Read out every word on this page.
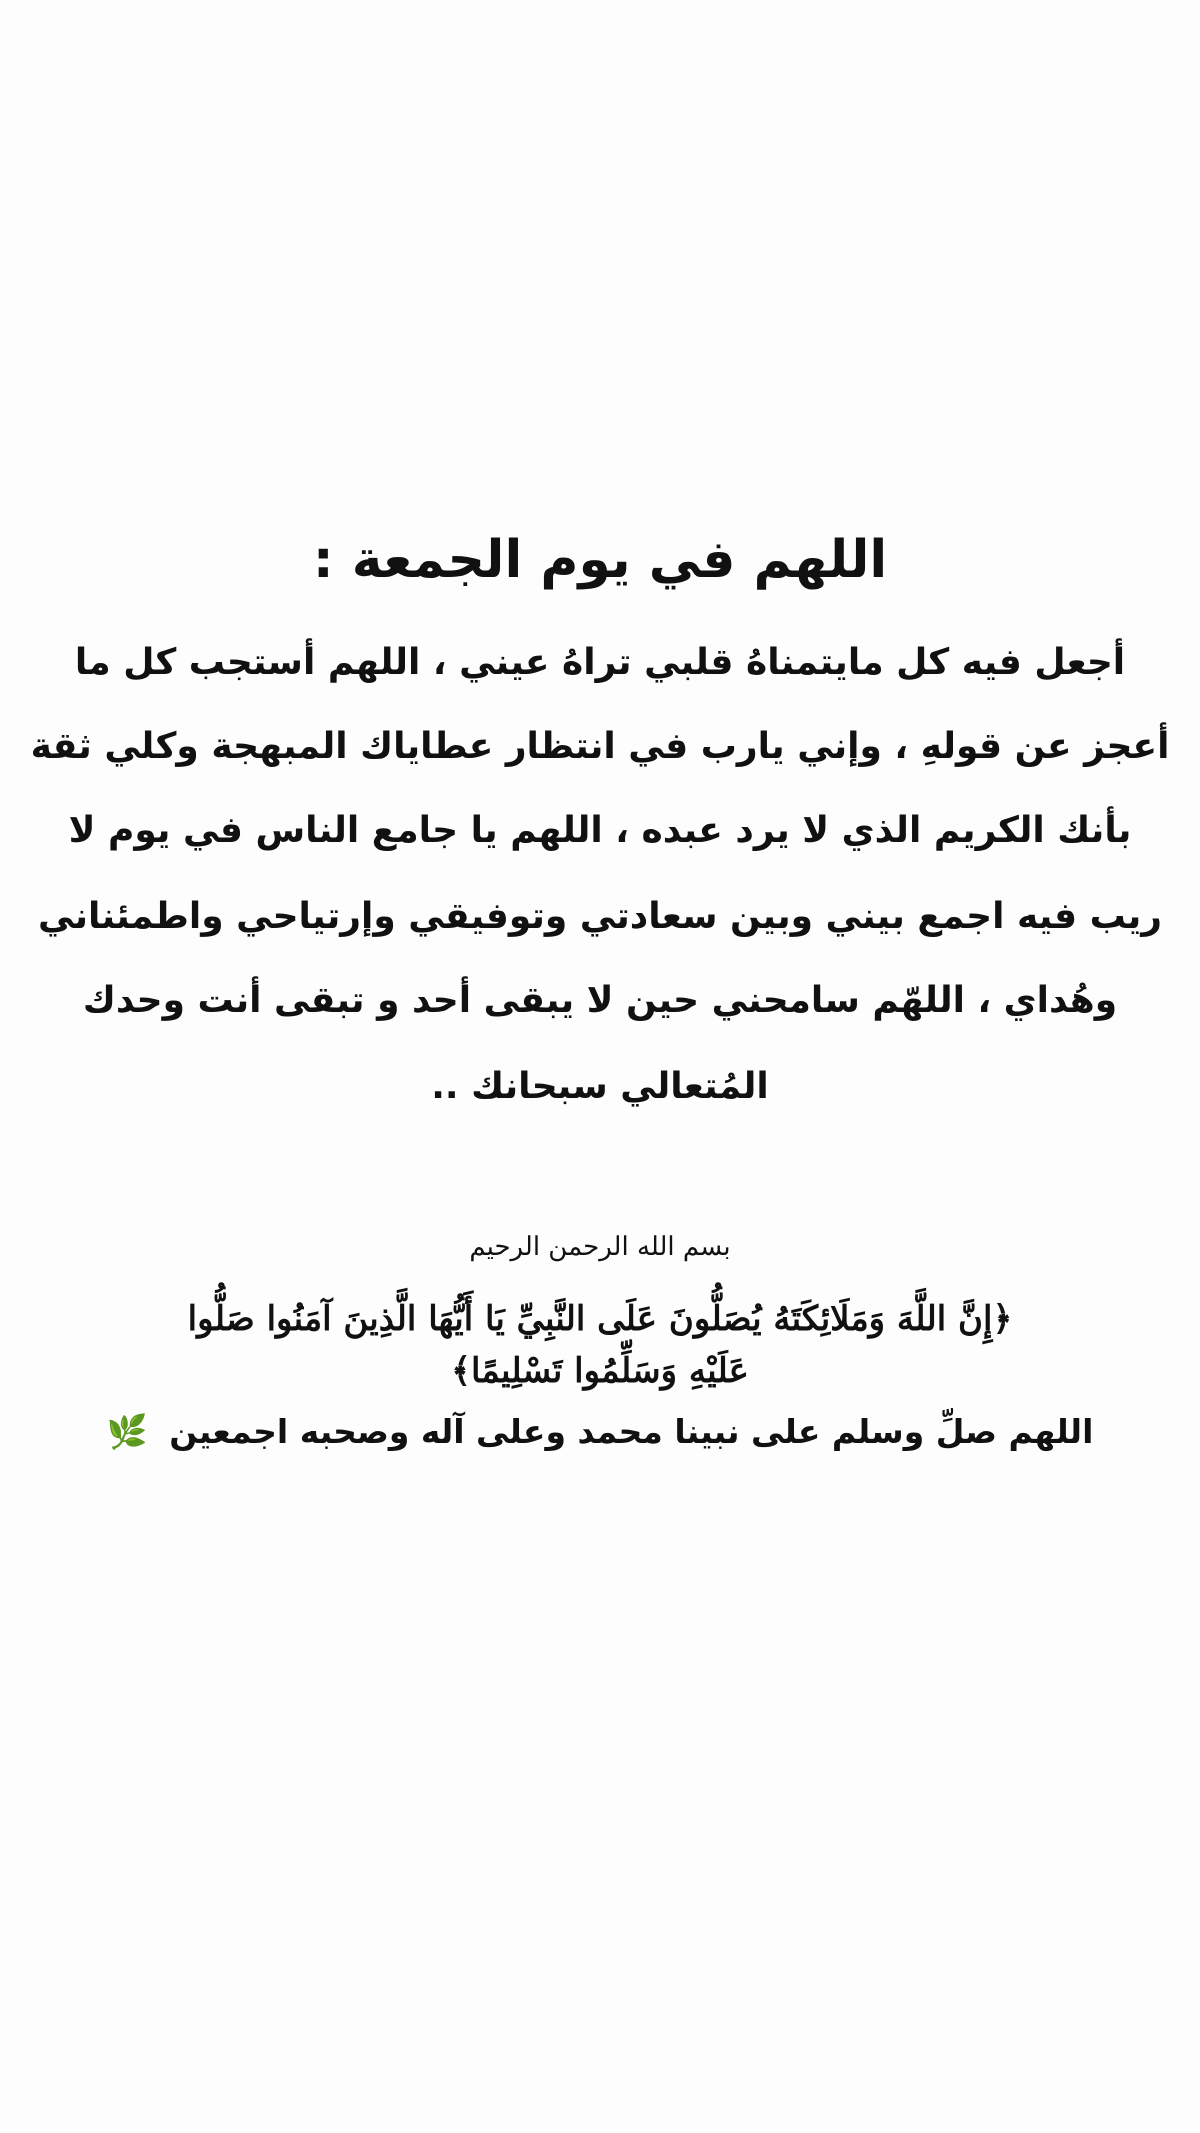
اللهم في يوم الجمعة :
أجعل فيه كل مايتمناهُ قلبي تراهُ عيني ، اللهم أستجب كل ما
أعجز عن قولهِ ، وإني يارب في انتظار عطاياك المبهجة وكلي ثقة
بأنك الكريم الذي لا يرد عبده ، اللهم يا جامع الناس في يوم لا
ريب فيه اجمع بيني وبين سعادتي وتوفيقي وإرتياحي واطمئناني
وهُداي ، اللهّم سامحني حين لا يبقى أحد و تبقى أنت وحدك
المُتعالي سبحانك ..
بسم الله الرحمن الرحيم
﴿إِنَّ اللَّهَ وَمَلَائِكَتَهُ يُصَلُّونَ عَلَى النَّبِيِّ يَا أَيُّهَا الَّذِينَ آمَنُوا صَلُّوا
عَلَيْهِ وَسَلِّمُوا تَسْلِيمًا﴾
اللهم صلِّ وسلم على نبينا محمد وعلى آله وصحبه اجمعين 🌿
